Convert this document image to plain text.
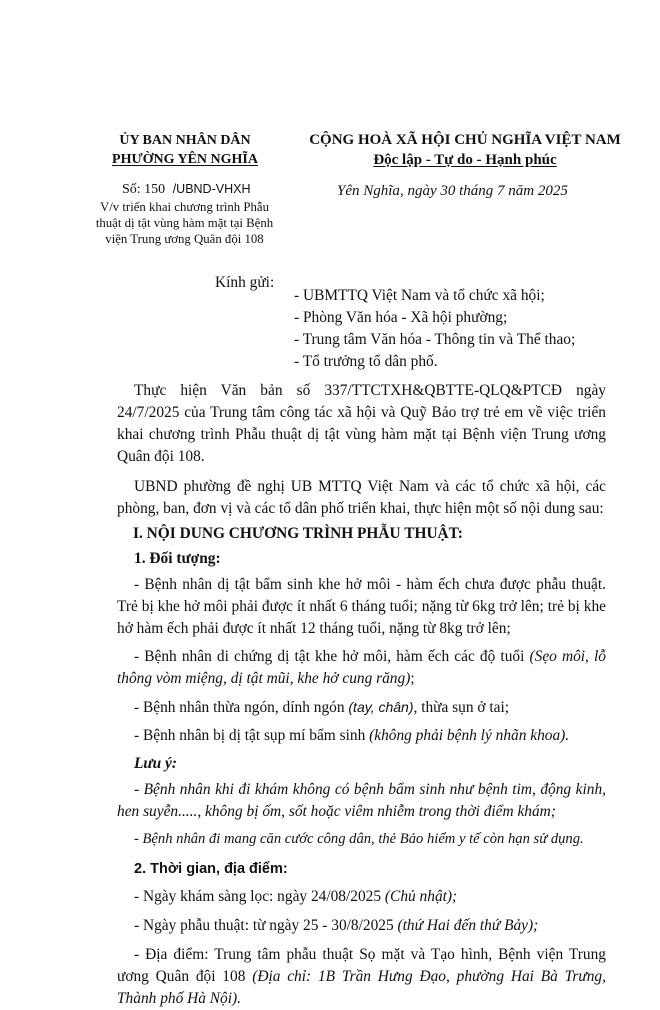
ỦY BAN NHÂN DÂN
PHƯỜNG YÊN NGHĨA
CỘNG HOÀ XÃ HỘI CHỦ NGHĨA VIỆT NAM
Độc lập - Tự do - Hạnh phúc
Số: 150 /UBND-VHXH
V/v triển khai chương trình Phẫu
thuật dị tật vùng hàm mặt tại Bệnh
viện Trung ương Quân đội 108
Yên Nghĩa, ngày 30 tháng 7 năm 2025
Kính gửi:
- UBMTTQ Việt Nam và tổ chức xã hội;
- Phòng Văn hóa - Xã hội phường;
- Trung tâm Văn hóa - Thông tin và Thể thao;
- Tổ trưởng tổ dân phố.

Thực hiện Văn bản số 337/TTCTXH&QBTTE-QLQ&PTCĐ ngày 24/7/2025 của Trung tâm công tác xã hội và Quỹ Bảo trợ trẻ em về việc triển khai chương trình Phẫu thuật dị tật vùng hàm mặt tại Bệnh viện Trung ương Quân đội 108.

UBND phường đề nghị UB MTTQ Việt Nam và các tổ chức xã hội, các phòng, ban, đơn vị và các tổ dân phố triển khai, thực hiện một số nội dung sau:

I. NỘI DUNG CHƯƠNG TRÌNH PHẪU THUẬT:

1. Đối tượng:

- Bệnh nhân dị tật bẩm sinh khe hở môi - hàm ếch chưa được phẫu thuật. Trẻ bị khe hở môi phải được ít nhất 6 tháng tuổi; nặng từ 6kg trở lên; trẻ bị khe hở hàm ếch phải được ít nhất 12 tháng tuổi, nặng từ 8kg trở lên;

- Bệnh nhân di chứng dị tật khe hở môi, hàm ếch các độ tuổi (Sẹo môi, lỗ thông vòm miệng, dị tật mũi, khe hở cung răng);

- Bệnh nhân thừa ngón, dính ngón (tay, chân), thừa sụn ở tai;

- Bệnh nhân bị dị tật sụp mí bẩm sinh (không phải bệnh lý nhãn khoa).

Lưu ý:

- Bệnh nhân khi đi khám không có bệnh bẩm sinh như bệnh tim, động kinh, hen suyễn....., không bị ốm, sốt hoặc viêm nhiễm trong thời điểm khám;

- Bệnh nhân đi mang căn cước công dân, thẻ Bảo hiểm y tế còn hạn sử dụng.

2. Thời gian, địa điểm:

- Ngày khám sàng lọc: ngày 24/08/2025 (Chủ nhật);

- Ngày phẫu thuật: từ ngày 25 - 30/8/2025 (thứ Hai đến thứ Bảy);

- Địa điểm: Trung tâm phẫu thuật Sọ mặt và Tạo hình, Bệnh viện Trung ương Quân đội 108 (Địa chỉ: 1B Trần Hưng Đạo, phường Hai Bà Trưng, Thành phố Hà Nội).
